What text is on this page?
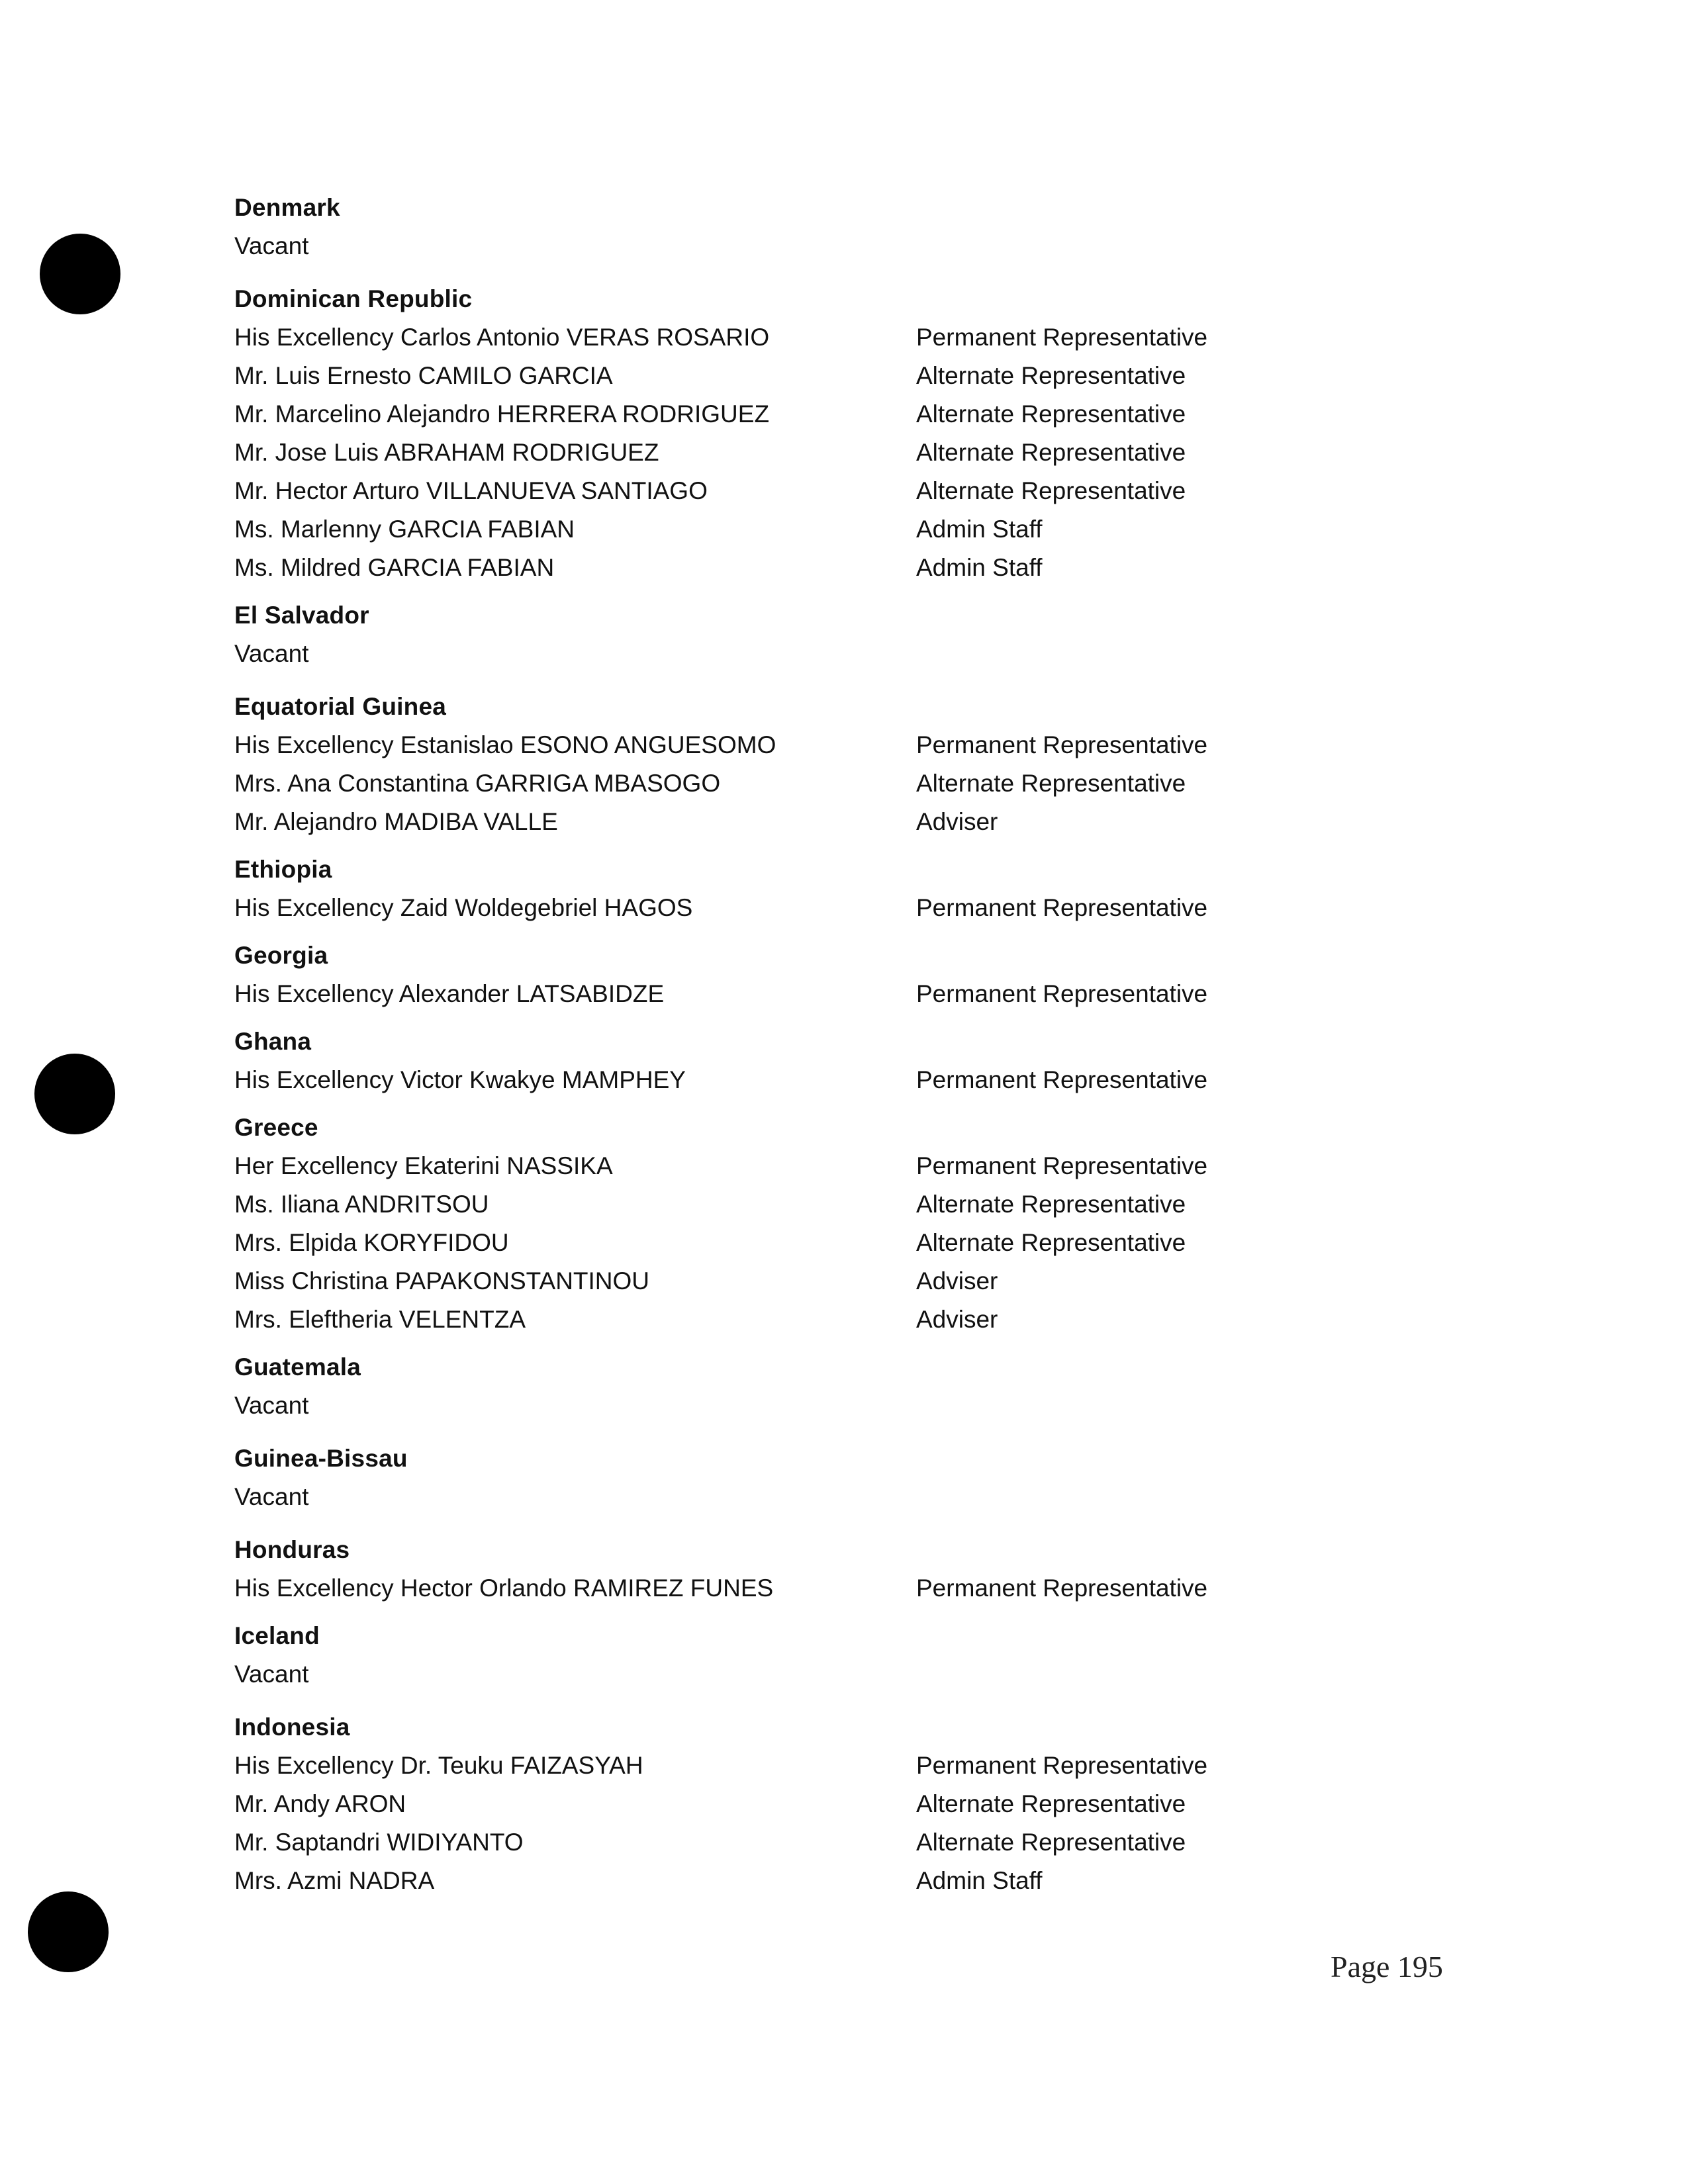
Denmark
Vacant
Dominican Republic
His Excellency Carlos Antonio VERAS ROSARIO	Permanent Representative
Mr. Luis Ernesto CAMILO GARCIA	Alternate Representative
Mr. Marcelino Alejandro HERRERA RODRIGUEZ	Alternate Representative
Mr. Jose Luis ABRAHAM RODRIGUEZ	Alternate Representative
Mr. Hector Arturo VILLANUEVA SANTIAGO	Alternate Representative
Ms. Marlenny GARCIA FABIAN	Admin Staff
Ms. Mildred GARCIA FABIAN	Admin Staff
El Salvador
Vacant
Equatorial Guinea
His Excellency Estanislao ESONO ANGUESOMO	Permanent Representative
Mrs. Ana Constantina GARRIGA MBASOGO	Alternate Representative
Mr. Alejandro MADIBA VALLE	Adviser
Ethiopia
His Excellency Zaid Woldegebriel HAGOS	Permanent Representative
Georgia
His Excellency Alexander LATSABIDZE	Permanent Representative
Ghana
His Excellency Victor Kwakye MAMPHEY	Permanent Representative
Greece
Her Excellency Ekaterini NASSIKA	Permanent Representative
Ms. Iliana ANDRITSOU	Alternate Representative
Mrs. Elpida KORYFIDOU	Alternate Representative
Miss Christina PAPAKONSTANTINOU	Adviser
Mrs. Eleftheria VELENTZA	Adviser
Guatemala
Vacant
Guinea-Bissau
Vacant
Honduras
His Excellency Hector Orlando RAMIREZ FUNES	Permanent Representative
Iceland
Vacant
Indonesia
His Excellency Dr. Teuku FAIZASYAH	Permanent Representative
Mr. Andy ARON	Alternate Representative
Mr. Saptandri WIDIYANTO	Alternate Representative
Mrs. Azmi NADRA	Admin Staff
Page 195
